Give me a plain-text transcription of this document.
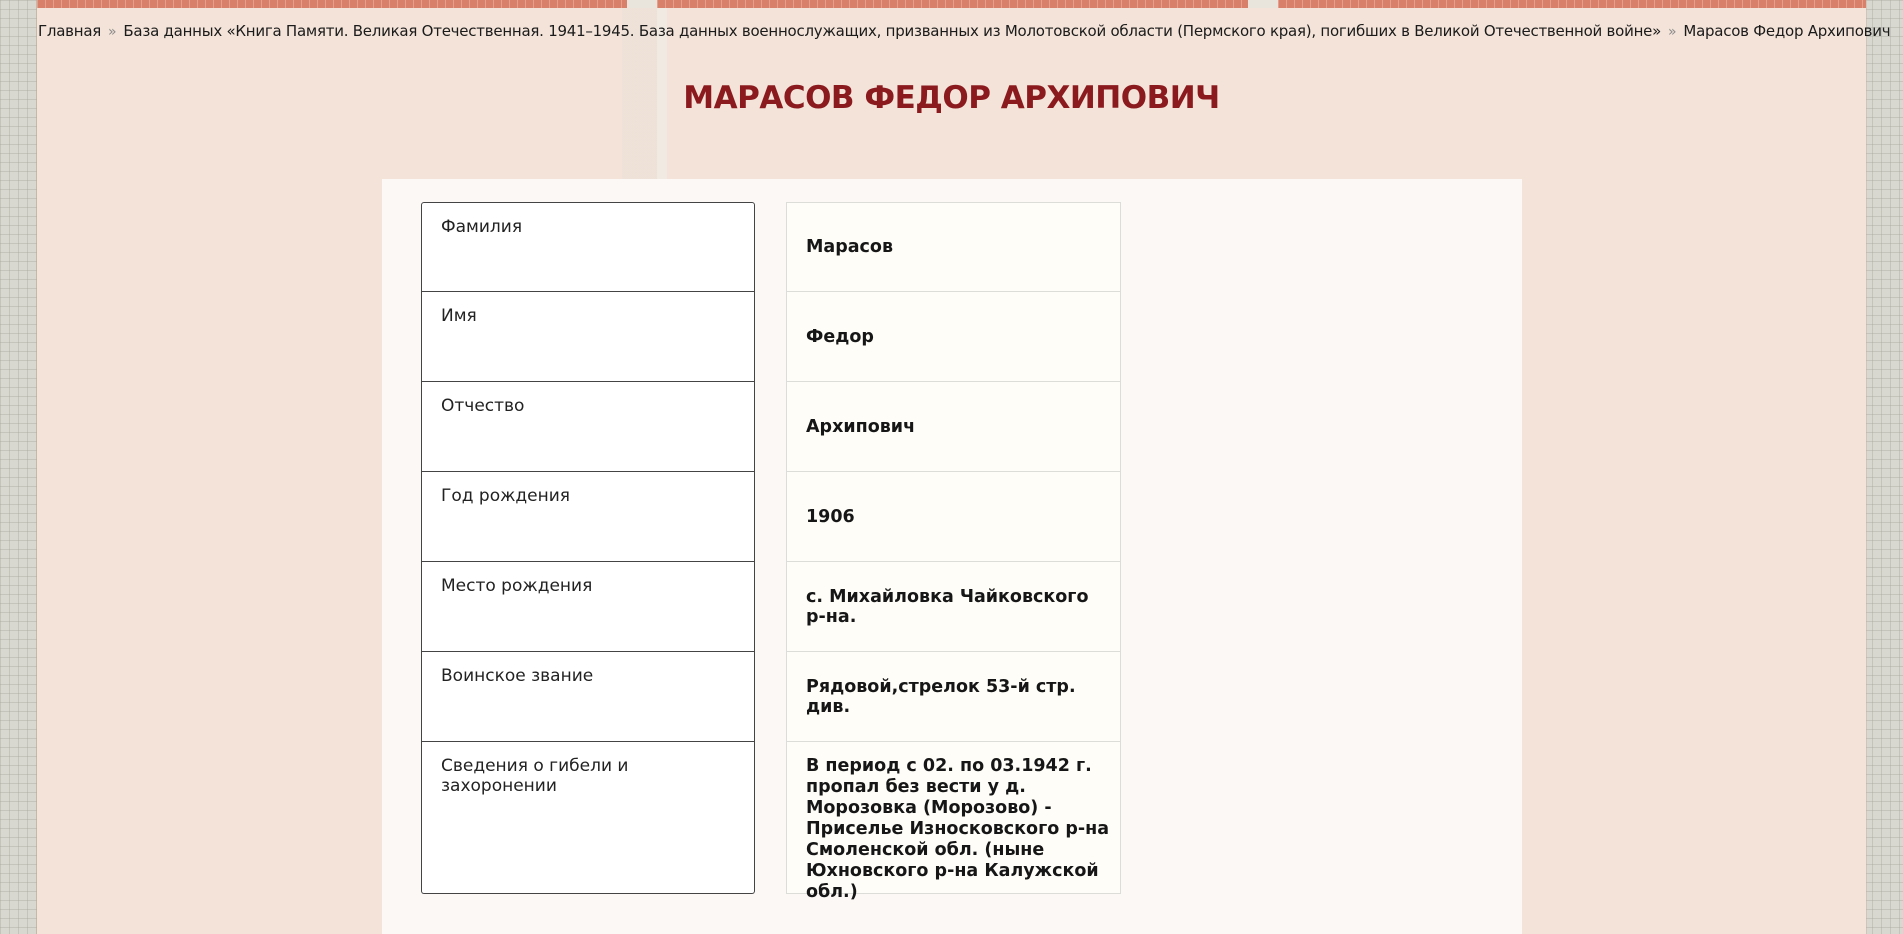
Главная » База данных «Книга Памяти. Великая Отечественная. 1941–1945. База данных военнослужащих, призванных из Молотовской области (Пермского края), погибших в Великой Отечественной войне» » Марасов Федор Архипович
МАРАСОВ ФЕДОР АРХИПОВИЧ
Фамилия
Марасов
Имя
Федор
Отчество
Архипович
Год рождения
1906
Место рождения
с. Михайловка Чайковского р-на.
Воинское звание
Рядовой,стрелок 53-й стр. див.
Сведения о гибели и захоронении
В период с 02. по 03.1942 г. пропал без вести у д. Морозовка (Морозово) - Приселье Износковского р-на Смоленской обл. (ныне Юхновского р-на Калужской обл.)
